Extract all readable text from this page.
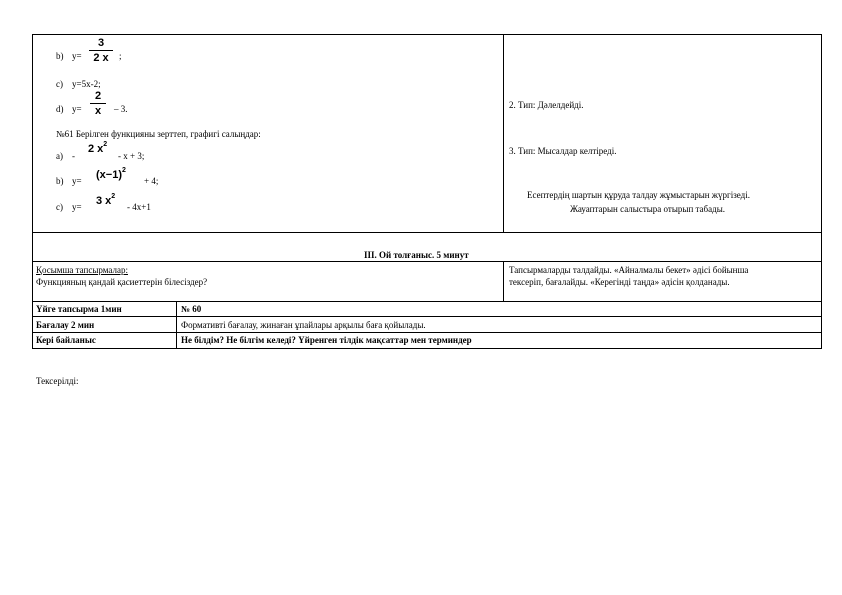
b) y=
3
2 x	;
c) y=5x-2;
d) y=
2
x	– 3.
№61 Берілген функцияны зерттеп, графигі салыңдар:
a) -
2 $x^2$
- x + 3;
b) $y= (x-1)^2$
+ 4;
c) y= 3 $x^2$
- 4x+1
2. Тип: Дәлелдейді.
3. Тип: Мысалдар келтіреді.
Есептердің шартын құруда талдау жұмыстарын жүргізеді.
Жауаптарын салыстыра отырып табады.
III. Ой толғаныс. 5 минут
Қосымша тапсырмалар:
Функцияның қандай қасиеттерін білесіздер?
Тапсырмаларды талдайды. «Айналмалы бекет» әдісі бойынша
тексеріп, бағалайды. «Керегінді таңда» әдісін қолданады.
Үйге тапсырма 1мин	№ 60
Бағалау 2 мин	Формативті бағалау, жинаған ұпайлары арқылы баға қойылады.
Кері байланыс	Не білдім? Не білгім келеді? Үйренген тілдік мақсаттар мен терминдер
Тексерілді:
